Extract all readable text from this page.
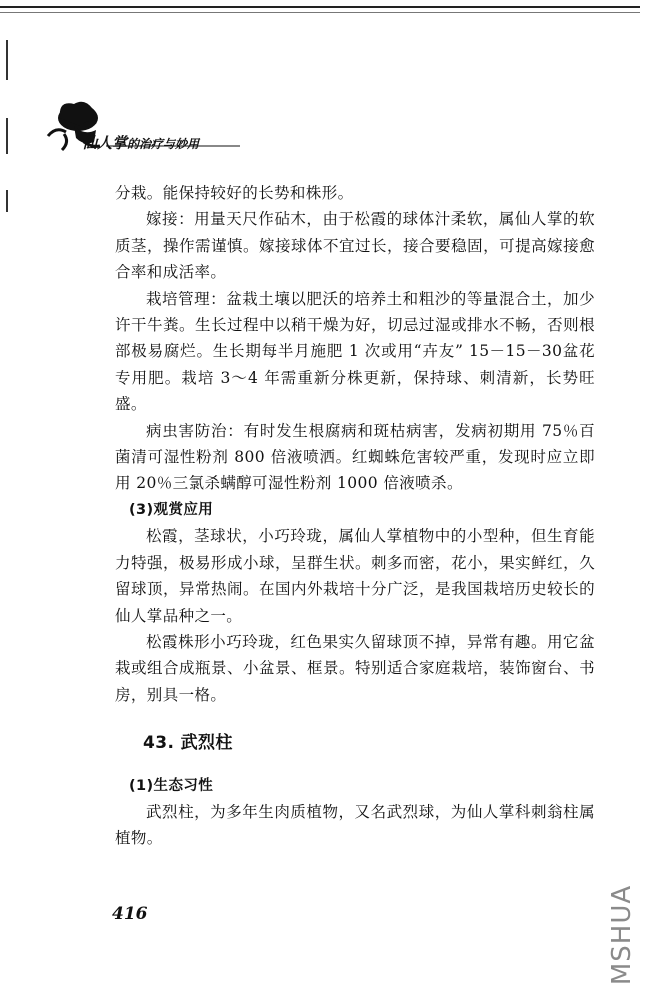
仙人掌的治疗与妙用

分栽。能保持较好的长势和株形。

嫁接：用量天尺作砧木，由于松霞的球体汁柔软，属仙人掌的软质茎，操作需谨慎。嫁接球体不宜过长，接合要稳固，可提高嫁接愈合率和成活率。

栽培管理：盆栽土壤以肥沃的培养土和粗沙的等量混合土，加少许干牛粪。生长过程中以稍干燥为好，切忌过湿或排水不畅，否则根部极易腐烂。生长期每半月施肥 1 次或用“卉友” 15－15－30盆花专用肥。栽培 3～4 年需重新分株更新，保持球、刺清新，长势旺盛。

病虫害防治：有时发生根腐病和斑枯病害，发病初期用 75％百菌清可湿性粉剂 800 倍液喷洒。红蜘蛛危害较严重，发现时应立即用 20％三氯杀螨醇可湿性粉剂 1000 倍液喷杀。

(3)观赏应用

松霞，茎球状，小巧玲珑，属仙人掌植物中的小型种，但生育能力特强，极易形成小球，呈群生状。刺多而密，花小，果实鲜红，久留球顶，异常热闹。在国内外栽培十分广泛，是我国栽培历史较长的仙人掌品种之一。

松霞株形小巧玲珑，红色果实久留球顶不掉，异常有趣。用它盆栽或组合成瓶景、小盆景、框景。特别适合家庭栽培，装饰窗台、书房，别具一格。

43. 武烈柱

(1)生态习性

武烈柱，为多年生肉质植物，又名武烈球，为仙人掌科刺翁柱属植物。

416	MSHUA
